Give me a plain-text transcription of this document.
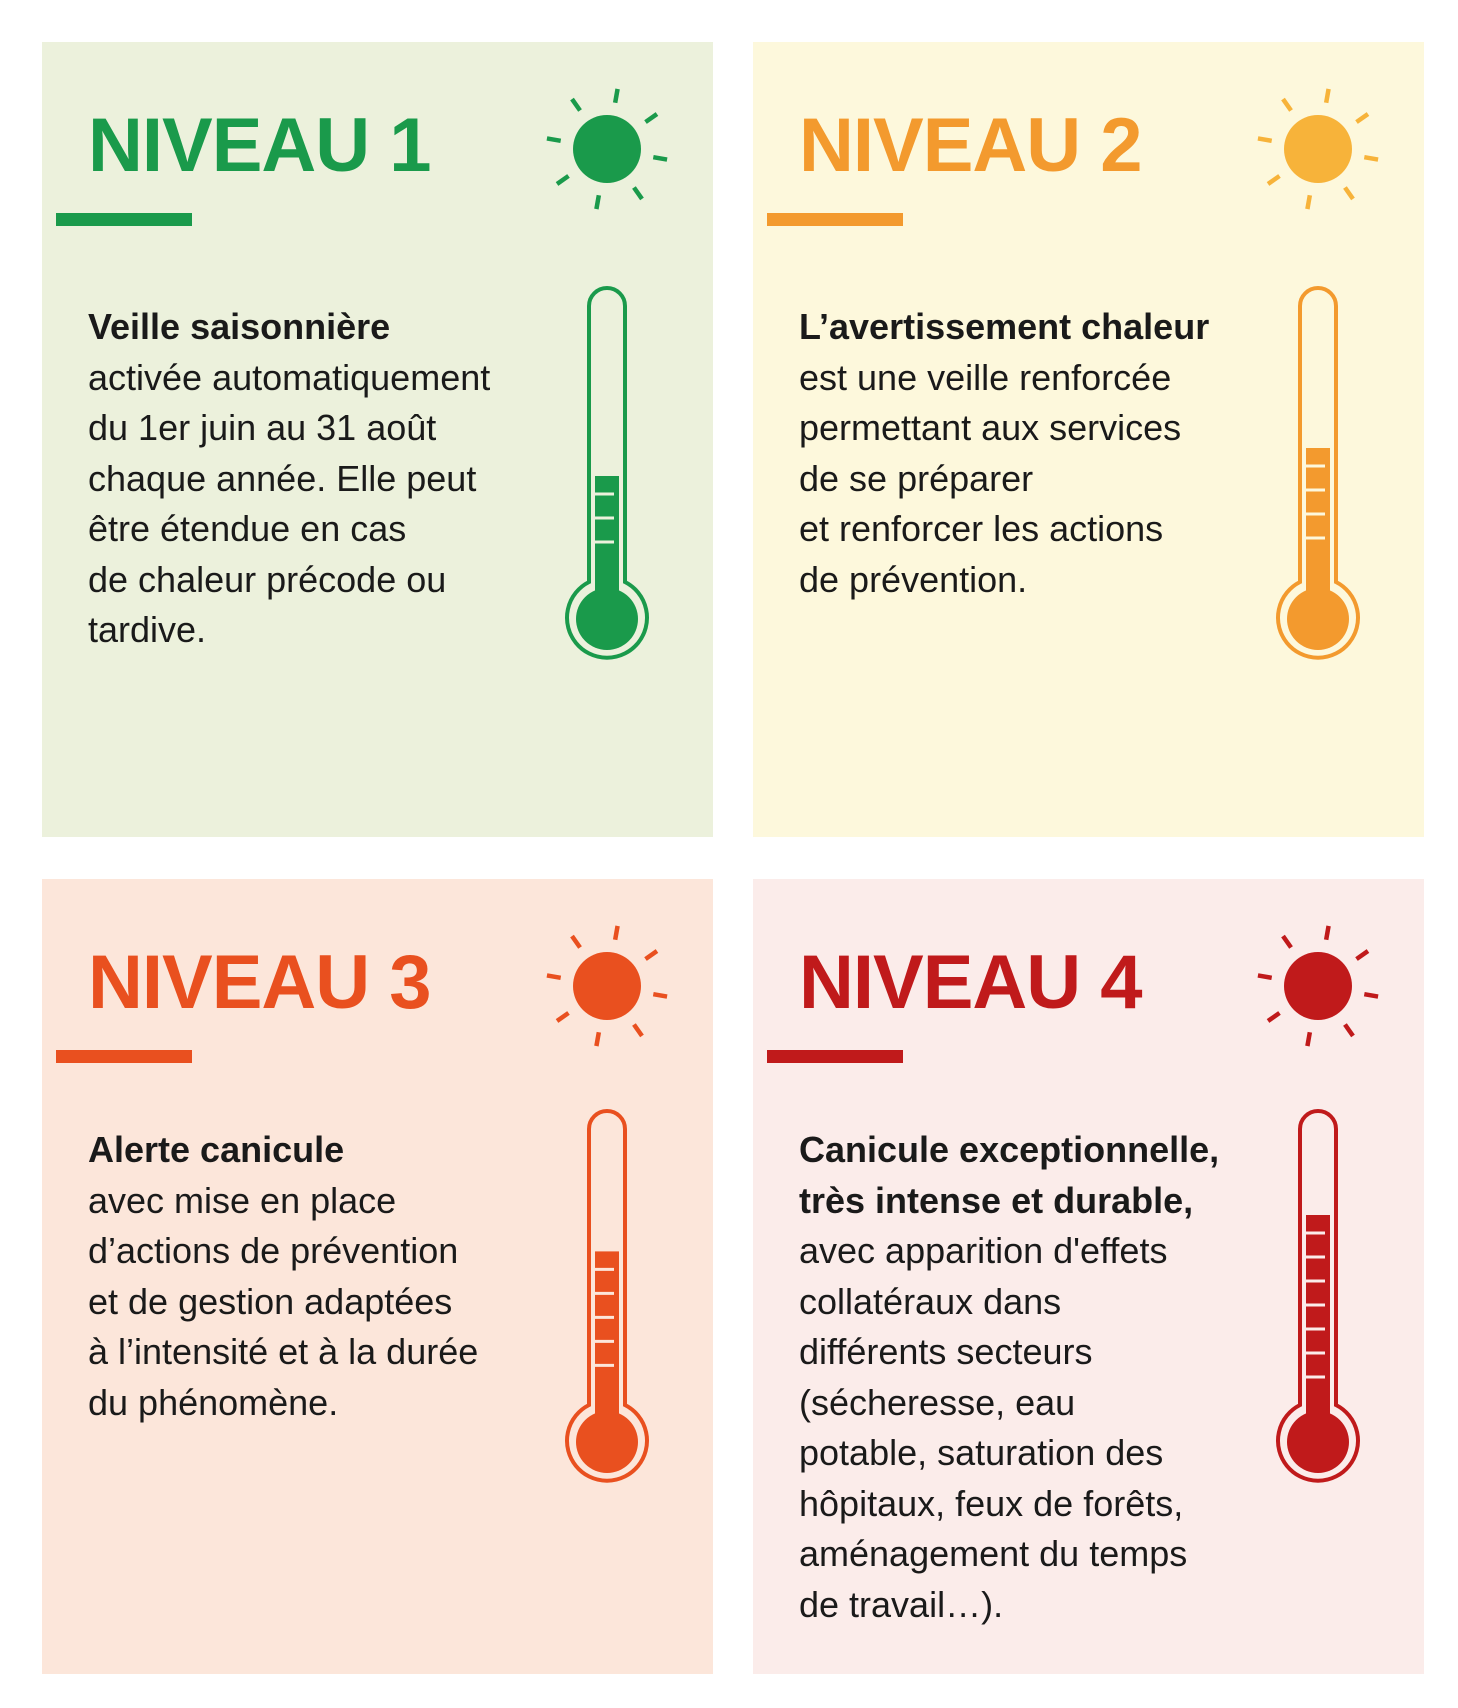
NIVEAU 1
Veille saisonnière
activée automatiquement
du 1er juin au 31 août
chaque année. Elle peut
être étendue en cas
de chaleur précode ou
tardive.
NIVEAU 2
L’avertissement chaleur
est une veille renforcée
permettant aux services
de se préparer
et renforcer les actions
de prévention.
NIVEAU 3
Alerte canicule
avec mise en place
d’actions de prévention
et de gestion adaptées
à l’intensité et à la durée
du phénomène.
NIVEAU 4
Canicule exceptionnelle,
très intense et durable,
avec apparition d'effets
collatéraux dans
différents secteurs
(sécheresse, eau
potable, saturation des
hôpitaux, feux de forêts,
aménagement du temps
de travail…).
